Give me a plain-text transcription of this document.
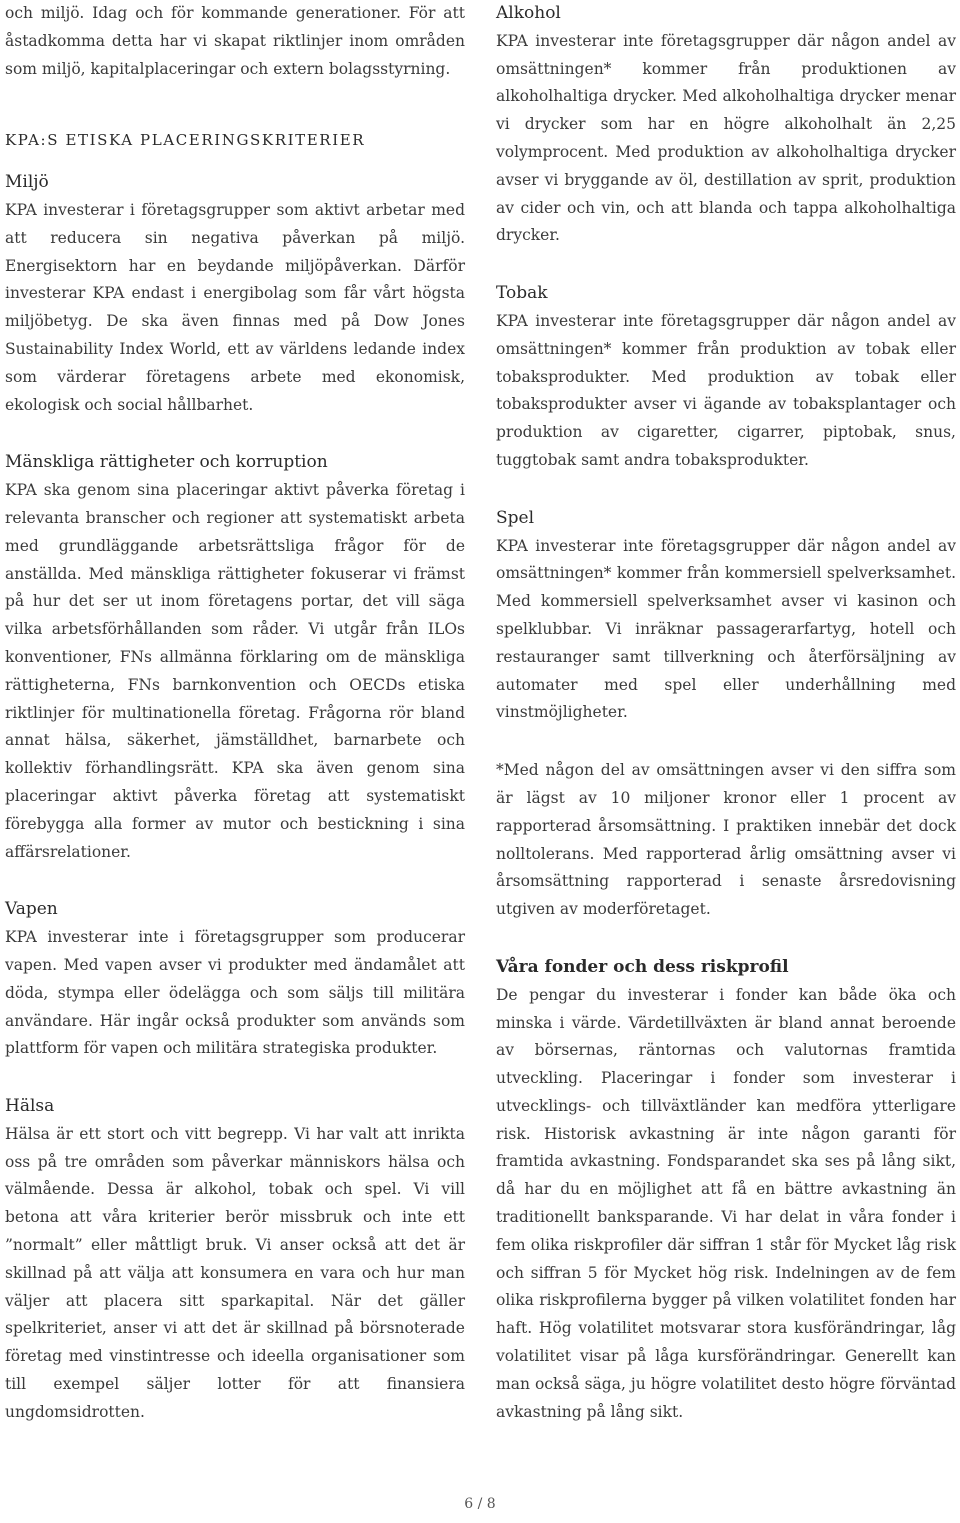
och miljö. Idag och för kommande generationer. För att åstadkomma detta har vi skapat riktlinjer inom områden som miljö, kapitalplaceringar och extern bolagsstyrning.

KPA:S ETISKA PLACERINGSKRITERIER
Miljö

KPA investerar i företagsgrupper som aktivt arbetar med att reducera sin negativa påverkan på miljö. Energisektorn har en beydande miljöpåverkan. Därför investerar KPA endast i energibolag som får vårt högsta miljöbetyg. De ska även finnas med på Dow Jones Sustainability Index World, ett av världens ledande index som värderar företagens arbete med ekonomisk, ekologisk och social hållbarhet.

Mänskliga rättigheter och korruption

KPA ska genom sina placeringar aktivt påverka företag i relevanta branscher och regioner att systematiskt arbeta med grundläggande arbetsrättsliga frågor för de anställda. Med mänskliga rättigheter fokuserar vi främst på hur det ser ut inom företagens portar, det vill säga vilka arbetsförhållanden som råder. Vi utgår från ILOs konventioner, FNs allmänna förklaring om de mänskliga rättigheterna, FNs barnkonvention och OECDs etiska riktlinjer för multinationella företag. Frågorna rör bland annat hälsa, säkerhet, jämställdhet, barnarbete och kollektiv förhandlingsrätt. KPA ska även genom sina placeringar aktivt påverka företag att systematiskt förebygga alla former av mutor och bestickning i sina affärsrelationer.

Vapen

KPA investerar inte i företagsgrupper som producerar vapen. Med vapen avser vi produkter med ändamålet att döda, stympa eller ödelägga och som säljs till militära användare. Här ingår också produkter som används som plattform för vapen och militära strategiska produkter.

Hälsa

Hälsa är ett stort och vitt begrepp. Vi har valt att inrikta oss på tre områden som påverkar människors hälsa och välmående. Dessa är alkohol, tobak och spel. Vi vill betona att våra kriterier berör missbruk och inte ett ”normalt” eller måttligt bruk. Vi anser också att det är skillnad på att välja att konsumera en vara och hur man väljer att placera sitt sparkapital. När det gäller spelkriteriet, anser vi att det är skillnad på börsnoterade företag med vinstintresse och ideella organisationer som till exempel säljer lotter för att finansiera ungdomsidrotten.

Alkohol

KPA investerar inte företagsgrupper där någon andel av omsättningen* kommer från produktionen av alkoholhaltiga drycker. Med alkoholhaltiga drycker menar vi drycker som har en högre alkoholhalt än 2,25 volymprocent. Med produktion av alkoholhaltiga drycker avser vi bryggande av öl, destillation av sprit, produktion av cider och vin, och att blanda och tappa alkoholhaltiga drycker.

Tobak

KPA investerar inte företagsgrupper där någon andel av omsättningen* kommer från produktion av tobak eller tobaksprodukter. Med produktion av tobak eller tobaksprodukter avser vi ägande av tobaksplantager och produktion av cigaretter, cigarrer, piptobak, snus, tuggtobak samt andra tobaksprodukter.

Spel

KPA investerar inte företagsgrupper där någon andel av omsättningen* kommer från kommersiell spelverksamhet. Med kommersiell spelverksamhet avser vi kasinon och spelklubbar. Vi inräknar passagerarfartyg, hotell och restauranger samt tillverkning och återförsäljning av automater med spel eller underhållning med vinstmöjligheter.

*Med någon del av omsättningen avser vi den siffra som är lägst av 10 miljoner kronor eller 1 procent av rapporterad årsomsättning. I praktiken innebär det dock nolltolerans. Med rapporterad årlig omsättning avser vi årsomsättning rapporterad i senaste årsredovisning utgiven av moderföretaget.

Våra fonder och dess riskprofil

De pengar du investerar i fonder kan både öka och minska i värde. Värdetillväxten är bland annat beroende av börsernas, räntornas och valutornas framtida utveckling. Placeringar i fonder som investerar i utvecklings- och tillväxtländer kan medföra ytterligare risk. Historisk avkastning är inte någon garanti för framtida avkastning. Fondsparandet ska ses på lång sikt, då har du en möjlighet att få en bättre avkastning än traditionellt banksparande. Vi har delat in våra fonder i fem olika riskprofiler där siffran 1 står för Mycket låg risk och siffran 5 för Mycket hög risk. Indelningen av de fem olika riskprofilerna bygger på vilken volatilitet fonden har haft. Hög volatilitet motsvarar stora kusförändringar, låg volatilitet visar på låga kursförändringar. Generellt kan man också säga, ju högre volatilitet desto högre förväntad avkastning på lång sikt.

6 / 8
